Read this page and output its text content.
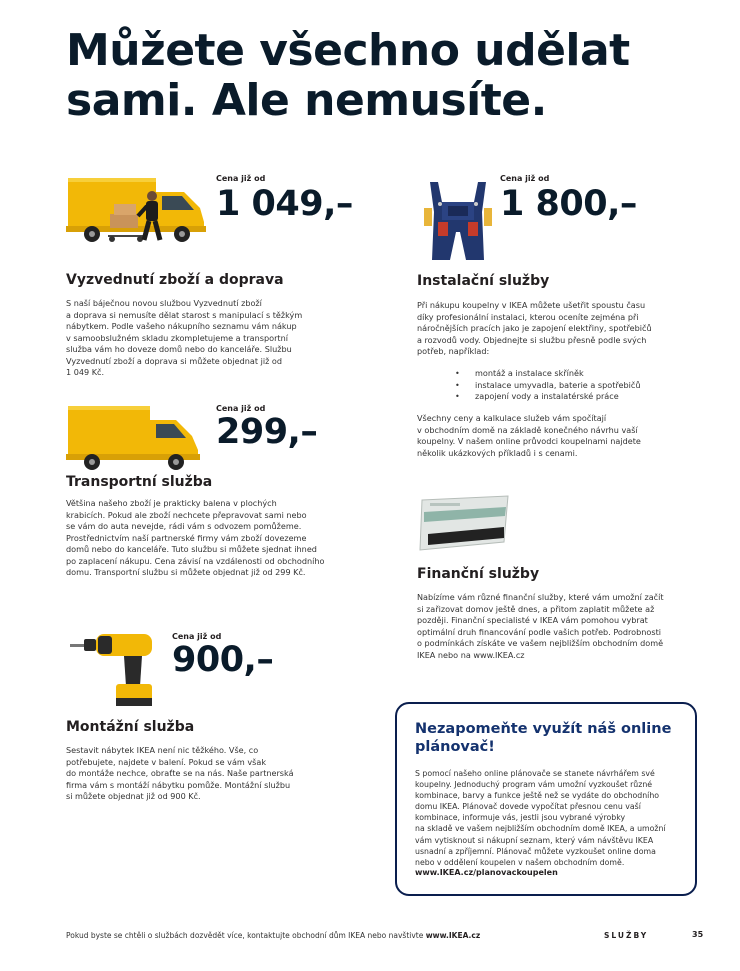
Můžete všechno udělat
sami. Ale nemusíte.
Cena již od
1 049,–
Vyzvednutí zboží a doprava

S naší báječnou novou službou Vyzvednutí zboží

a doprava si nemusíte dělat starost s manipulací s těžkým

nábytkem. Podle vašeho nákupního seznamu vám nákup

v samoobslužném skladu zkompletujeme a transportní

služba vám ho doveze domů nebo do kanceláře. Službu

Vyzvednutí zboží a doprava si můžete objednat již od

1 049 Kč.

Cena již od
299,–
Transportní služba

Většina našeho zboží je prakticky balena v plochých

krabicích. Pokud ale zboží nechcete přepravovat sami nebo

se vám do auta nevejde, rádi vám s odvozem pomůžeme.

Prostřednictvím naší partnerské firmy vám zboží dovezeme

domů nebo do kanceláře. Tuto službu si můžete sjednat ihned

po zaplacení nákupu. Cena závisí na vzdálenosti od obchodního

domu. Transportní službu si můžete objednat již od 299 Kč.

Cena již od
900,–
Montážní služba

Sestavit nábytek IKEA není nic těžkého. Vše, co

potřebujete, najdete v balení. Pokud se vám však

do montáže nechce, obraťte se na nás. Naše partnerská

firma vám s montáží nábytku pomůže. Montážní službu

si můžete objednat již od 900 Kč.

Cena již od
1 800,–
Instalační služby

Při nákupu koupelny v IKEA můžete ušetřit spoustu času

díky profesionální instalaci, kterou oceníte zejména při

náročnějších pracích jako je zapojení elektřiny, spotřebičů

a rozvodů vody. Objednejte si službu přesně podle svých

potřeb, například:

• montáž a instalace skříněk
• instalace umyvadla, baterie a spotřebičů
• zapojení vody a instalatérské práce

Všechny ceny a kalkulace služeb vám spočítají

v obchodním domě na základě konečného návrhu vaší

koupelny. V našem online průvodci koupelnami najdete

několik ukázkových příkladů i s cenami.

Finanční služby

Nabízíme vám různé finanční služby, které vám umožní začít

si zařizovat domov ještě dnes, a přitom zaplatit můžete až

později. Finanční specialisté v IKEA vám pomohou vybrat

optimální druh financování podle vašich potřeb. Podrobnosti

o podmínkách získáte ve vašem nejbližším obchodním domě

IKEA nebo na www.IKEA.cz

Nezapomeňte využít náš online plánovač!

S pomocí našeho online plánovače se stanete návrhářem své

koupelny. Jednoduchý program vám umožní vyzkoušet různé

kombinace, barvy a funkce ještě než se vydáte do obchodního

domu IKEA. Plánovač dovede vypočítat přesnou cenu vaší

kombinace, informuje vás, jestli jsou vybrané výrobky

na skladě ve vašem nejbližším obchodním domě IKEA, a umožní

vám vytisknout si nákupní seznam, který vám návštěvu IKEA

usnadní a zpříjemní. Plánovač můžete vyzkoušet online doma

nebo v oddělení koupelen v našem obchodním domě.

www.IKEA.cz/planovackoupelen
Pokud byste se chtěli o službách dozvědět více, kontaktujte obchodní dům IKEA nebo navštivte www.IKEA.cz	SLUŽBY	35
